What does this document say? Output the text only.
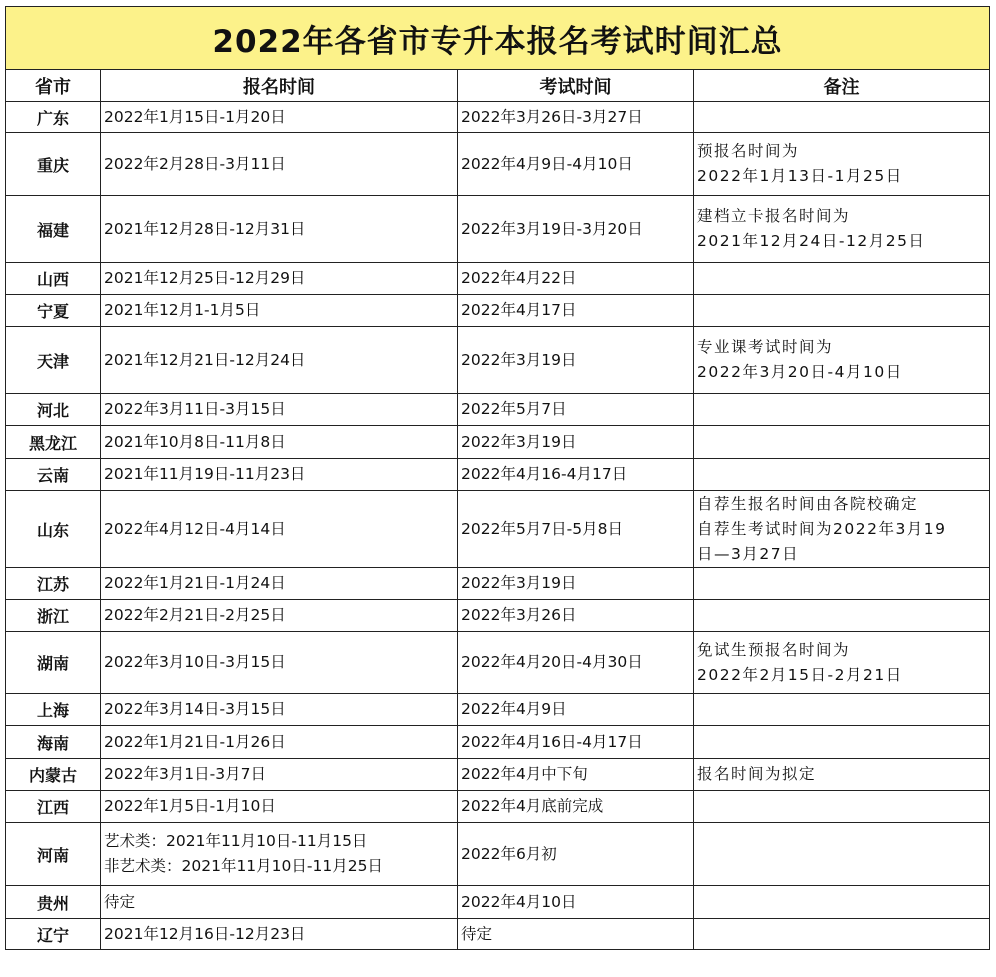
2022年各省市专升本报名考试时间汇总			
省市	报名时间	考试时间	备注
广东	2022年1月15日-1月20日	2022年3月26日-3月27日	

重庆	2022年2月28日-3月11日	2022年4月9日-4月10日	预报名时间为
2022年1月13日-1月25日

福建	2021年12月28日-12月31日	2022年3月19日-3月20日	建档立卡报名时间为
2021年12月24日-12月25日

山西	2021年12月25日-12月29日	2022年4月22日	

宁夏	2021年12月1-1月5日	2022年4月17日	

天津	2021年12月21日-12月24日	2022年3月19日	专业课考试时间为
2022年3月20日-4月10日

河北	2022年3月11日-3月15日	2022年5月7日	

黑龙江	2021年10月8日-11月8日	2022年3月19日	

云南	2021年11月19日-11月23日	2022年4月16-4月17日	

山东	2022年4月12日-4月14日	2022年5月7日-5月8日	自荐生报名时间由各院校确定
自荐生考试时间为2022年3月19
日—3月27日

江苏	2022年1月21日-1月24日	2022年3月19日	

浙江	2022年2月21日-2月25日	2022年3月26日	

湖南	2022年3月10日-3月15日	2022年4月20日-4月30日	免试生预报名时间为
2022年2月15日-2月21日

上海	2022年3月14日-3月15日	2022年4月9日	

海南	2022年1月21日-1月26日	2022年4月16日-4月17日	

内蒙古	2022年3月1日-3月7日	2022年4月中下旬	报名时间为拟定

江西	2022年1月5日-1月10日	2022年4月底前完成	

河南	艺术类：2021年11月10日-11月15日
非艺术类：2021年11月10日-11月25日	2022年6月初	

贵州	待定	2022年4月10日	

辽宁	2021年12月16日-12月23日	待定	
